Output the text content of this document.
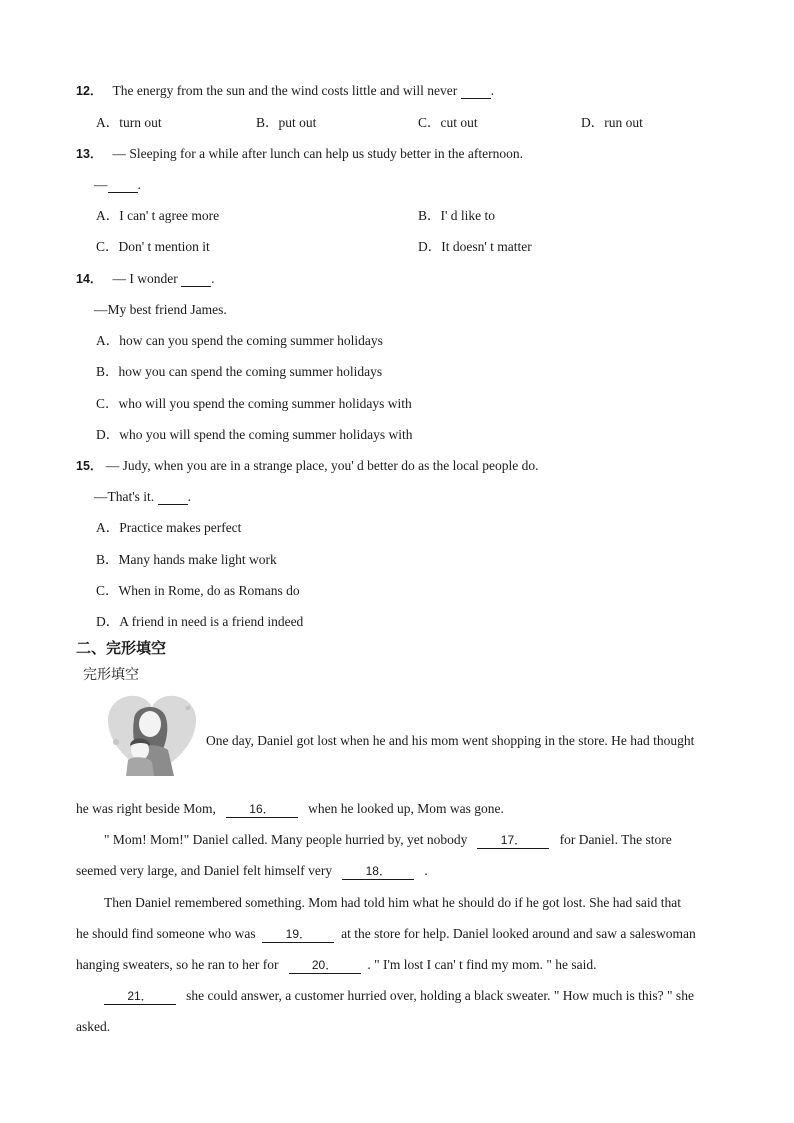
12． The energy from the sun and the wind costs little and will never .
A．turn out	B．put out	C．cut out	D．run out
13． — Sleeping for a while after lunch can help us study better in the afternoon.
— .
A．I can' t agree more	B．I' d like to
C．Don' t mention it	D．It doesn' t matter
14． — I wonder .
—My best friend James.
A．how can you spend the coming summer holidays
B．how you can spend the coming summer holidays
C．who will you spend the coming summer holidays with
D．who you will spend the coming summer holidays with
15． — Judy, when you are in a strange place, you' d better do as the local people do.
—That's it. .
A．Practice makes perfect
B．Many hands make light work
C．When in Rome, do as Romans do
D．A friend in need is a friend indeed
二、完形填空
完形填空
One day, Daniel got lost when he and his mom went shopping in the store. He had thought
he was right beside Mom,	16． when he looked up, Mom was gone.
" Mom! Mom!" Daniel called. Many people hurried by, yet nobody	17． for Daniel. The store
seemed very large, and Daniel felt himself very	18． .
Then Daniel remembered something. Mom had told him what he should do if he got lost. She had said that
he should find someone who was	19． at the store for help. Daniel looked around and saw a saleswoman
hanging sweaters, so he ran to her for	20． . " I'm lost I can' t find my mom. " he said.
21． she could answer, a customer hurried over, holding a black sweater. " How much is this? " she
asked.
